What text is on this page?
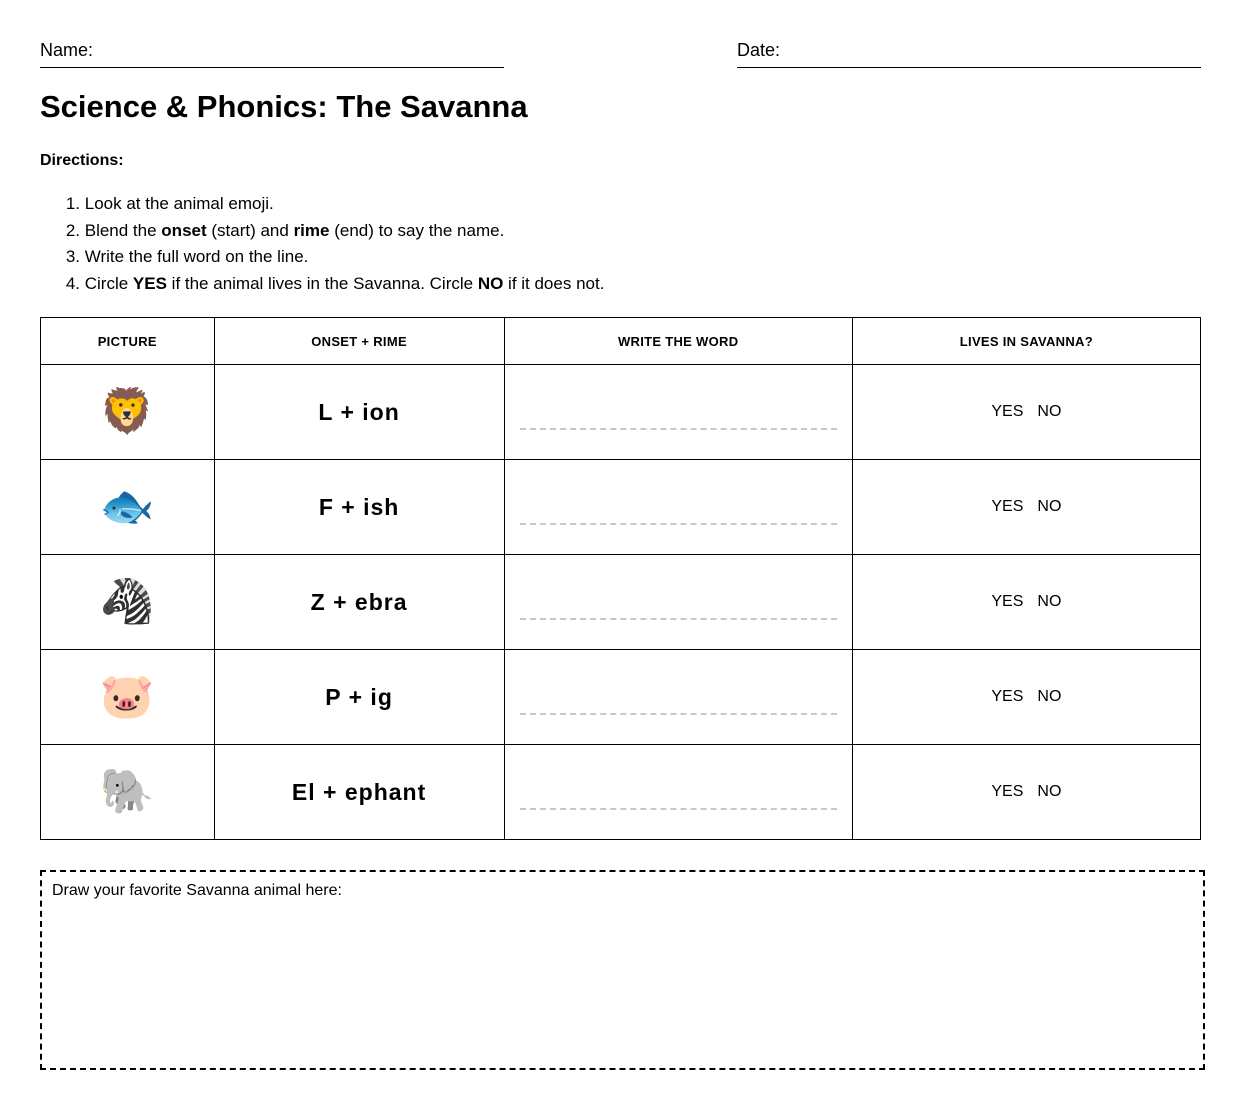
Name:	Date:
Science & Phonics: The Savanna
Directions:
1. Look at the animal emoji.
2. Blend the onset (start) and rime (end) to say the name.
3. Write the full word on the line.
4. Circle YES if the animal lives in the Savanna. Circle NO if it does not.
PICTURE	ONSET + RIME	WRITE THE WORD	LIVES IN SAVANNA?
🦁	L + ion		YES NO

🐟	F + ish		YES NO

🦓	Z + ebra		YES NO

🐷	P + ig		YES NO

🐘	El + ephant		YES NO
Draw your favorite Savanna animal here:
